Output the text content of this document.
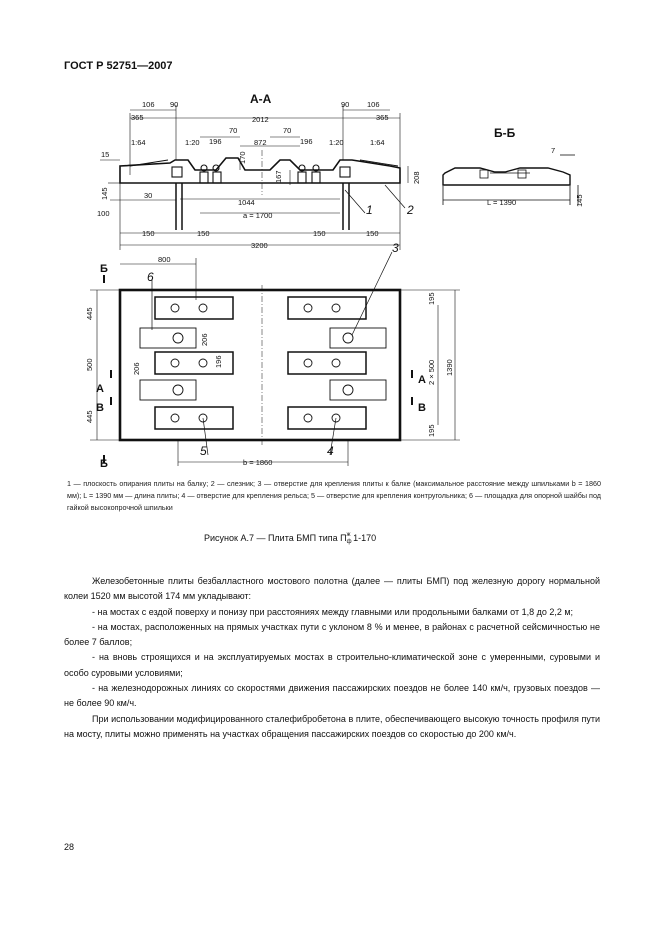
ГОСТ Р 52751—2007
А-А
106 90	90 106
365	2012	365
70	70
872
196	196
1:64	1:20	1:20	1:64
15	170
167	208
145	30
100
1044
a = 1700
150	150	150	150
3200
1	2
Б-Б
7
L = 1390	145
Б
Б
А
А
В	В
6
3
5	4
800
445
500
445
206
196
206
195
195
2 × 500 1390
b = 1860
1 — плоскость опирания плиты на балку; 2 — слезник; 3 — отверстие для крепления плиты к балке (максимальное расстояние между шпильками b = 1860 мм); L = 1390 мм — длина плиты; 4 — отверстие для крепления рельса; 5 — отверстие для крепления контругольника; 6 — площадка для опорной шайбы под гайкой высокопрочной шпильки
Рисунок А.7 — Плита БМП типа $П_ф^ж$ 1-170

Железобетонные плиты безбалластного мостового полотна (далее — плиты БМП) под железную дорогу нормальной колеи 1520 мм высотой 174 мм укладывают:

- на мостах с ездой поверху и понизу при расстояниях между главными или продольными балками от 1,8 до 2,2 м;

- на мостах, расположенных на прямых участках пути с уклоном 8 % и менее, в районах с расчетной сейсмичностью не более 7 баллов;

- на вновь строящихся и на эксплуатируемых мостах в строительно-климатической зоне с умеренными, суровыми и особо суровыми условиями;

- на железнодорожных линиях со скоростями движения пассажирских поездов не более 140 км/ч, грузовых поездов — не более 90 км/ч.

При использовании модифицированного сталефибробетона в плите, обеспечивающего высокую точность профиля пути на мосту, плиты можно применять на участках обращения пассажирских поездов со скоростью до 200 км/ч.

28
